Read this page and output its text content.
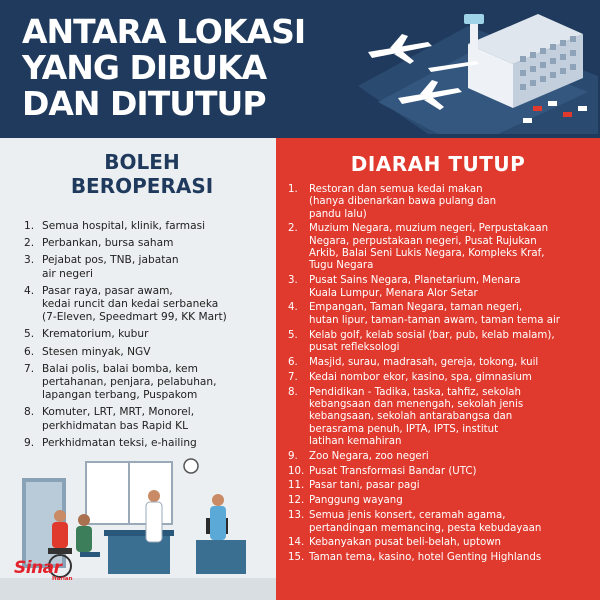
ANTARA LOKASI
YANG DIBUKA
DAN DITUTUP
BOLEH
BEROPERASI
1. Semua hospital, klinik, farmasi
2. Perbankan, bursa saham
3. Pejabat pos, TNB, jabatan
air negeri
4. Pasar raya, pasar awam,
kedai runcit dan kedai serbaneka
(7-Eleven, Speedmart 99, KK Mart)
5. Krematorium, kubur
6. Stesen minyak, NGV
7. Balai polis, balai bomba, kem
pertahanan, penjara, pelabuhan,
lapangan terbang, Puspakom
8. Komuter, LRT, MRT, Monorel,
perkhidmatan bas Rapid KL
9. Perkhidmatan teksi, e-hailing
DIARAH TUTUP
1.	Restoran dan semua kedai makan
(hanya dibenarkan bawa pulang dan
pandu lalu)
2.	Muzium Negara, muzium negeri, Perpustakaan
Negara, perpustakaan negeri, Pusat Rujukan
Arkib, Balai Seni Lukis Negara, Kompleks Kraf,
Tugu Negara
3.	Pusat Sains Negara, Planetarium, Menara
Kuala Lumpur, Menara Alor Setar
4.	Empangan, Taman Negara, taman negeri,
hutan lipur, taman-taman awam, taman tema air
5.	Kelab golf, kelab sosial (bar, pub, kelab malam),
pusat refleksologi
6.	Masjid, surau, madrasah, gereja, tokong, kuil
7.	Kedai nombor ekor, kasino, spa, gimnasium
8.	Pendidikan - Tadika, taska, tahfiz, sekolah
kebangsaan dan menengah, sekolah jenis
kebangsaan, sekolah antarabangsa dan
berasrama penuh, IPTA, IPTS, institut
latihan kemahiran
9.	Zoo Negara, zoo negeri
10. Pusat Transformasi Bandar (UTC)
11. Pasar tani, pasar pagi
12. Panggung wayang
13. Semua jenis konsert, ceramah agama,
pertandingan memancing, pesta kebudayaan
14. Kebanyakan pusat beli-belah, uptown
15. Taman tema, kasino, hotel Genting Highlands
Sinar
Harian
